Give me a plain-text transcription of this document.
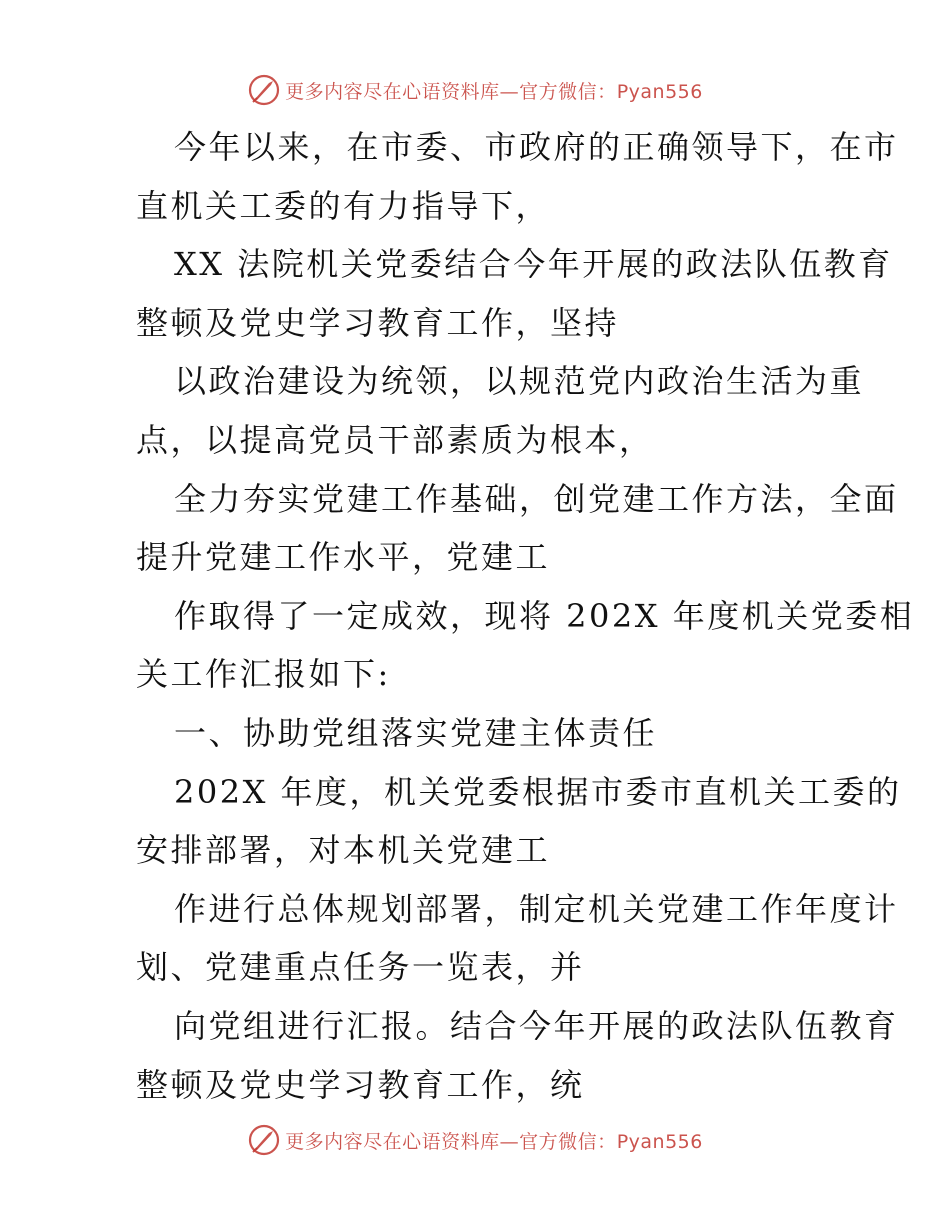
更多内容尽在心语资料库—官方微信：Pyan556
今年以来，在市委、市政府的正确领导下，在市
直机关工委的有力指导下，
XX 法院机关党委结合今年开展的政法队伍教育
整顿及党史学习教育工作，坚持
以政治建设为统领，以规范党内政治生活为重
点，以提高党员干部素质为根本，
全力夯实党建工作基础，创党建工作方法，全面
提升党建工作水平，党建工
作取得了一定成效，现将 202X 年度机关党委相
关工作汇报如下:
一、协助党组落实党建主体责任
202X 年度，机关党委根据市委市直机关工委的
安排部署，对本机关党建工
作进行总体规划部署，制定机关党建工作年度计
划、党建重点任务一览表，并
向党组进行汇报。结合今年开展的政法队伍教育
整顿及党史学习教育工作，统
更多内容尽在心语资料库—官方微信：Pyan556
